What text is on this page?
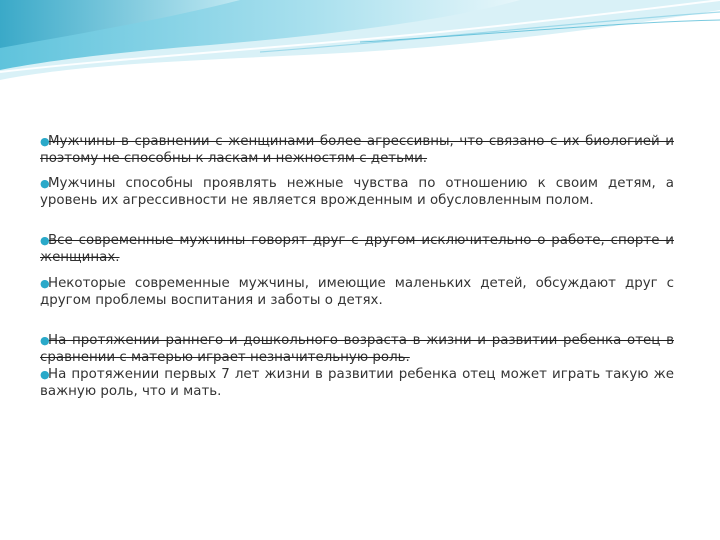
●
Мужчины в сравнении с женщинами более агрессивны, что связано с их биологией и поэтому не способны к ласкам и нежностям с детьми.
●
Мужчины способны проявлять нежные чувства по отношению к своим детям, а уровень их агрессивности не является врожденным и обусловленным полом.
●
Все современные мужчины говорят друг с другом исключительно о работе, спорте и женщинах.
●
Некоторые современные мужчины, имеющие маленьких детей, обсуждают друг с другом проблемы воспитания и заботы о детях.
●
На протяжении раннего и дошкольного возраста в жизни и развитии ребенка отец в сравнении с матерью играет незначительную роль.
●
На протяжении первых 7 лет жизни в развитии ребенка отец может играть такую же важную роль, что и мать.
